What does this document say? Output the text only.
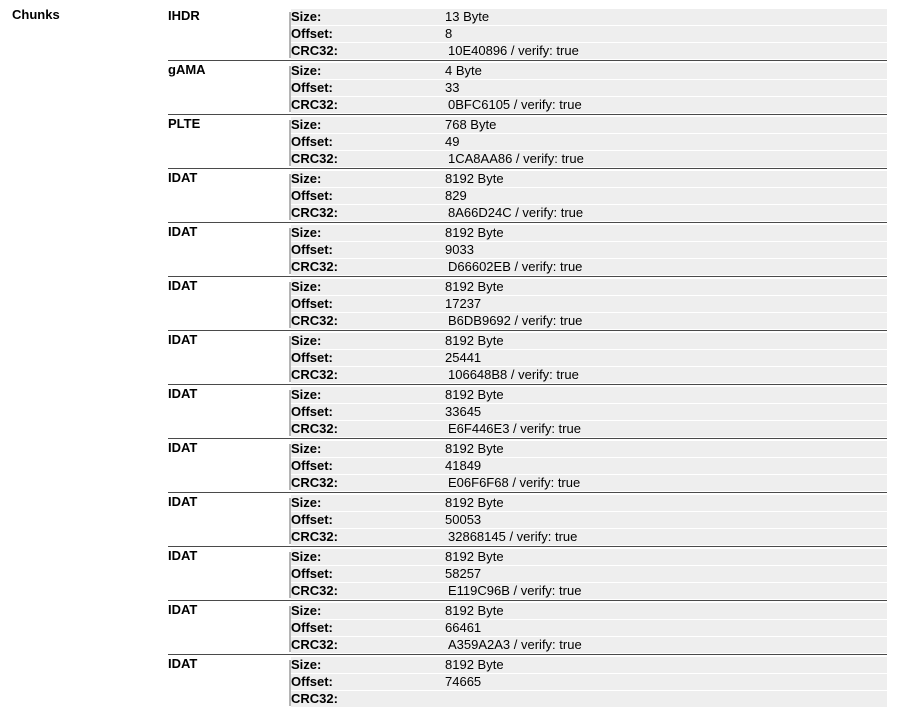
Chunks	IHDR	Size:	13 Byte
Offset:	8
CRC32:	10E40896 / verify: true
gAMA	Size:	4 Byte
Offset:	33
CRC32:	0BFC6105 / verify: true
PLTE	Size:	768 Byte
Offset:	49
CRC32:	1CA8AA86 / verify: true
IDAT	Size:	8192 Byte
Offset:	829
CRC32:	8A66D24C / verify: true
IDAT	Size:	8192 Byte
Offset:	9033
CRC32:	D66602EB / verify: true
IDAT	Size:	8192 Byte
Offset:	17237
CRC32:	B6DB9692 / verify: true
IDAT	Size:	8192 Byte
Offset:	25441
CRC32:	106648B8 / verify: true
IDAT	Size:	8192 Byte
Offset:	33645
CRC32:	E6F446E3 / verify: true
IDAT	Size:	8192 Byte
Offset:	41849
CRC32:	E06F6F68 / verify: true
IDAT	Size:	8192 Byte
Offset:	50053
CRC32:	32868145 / verify: true
IDAT	Size:	8192 Byte
Offset:	58257
CRC32:	E119C96B / verify: true
IDAT	Size:	8192 Byte
Offset:	66461
CRC32:	A359A2A3 / verify: true
IDAT	Size:	8192 Byte
Offset:	74665
CRC32:
